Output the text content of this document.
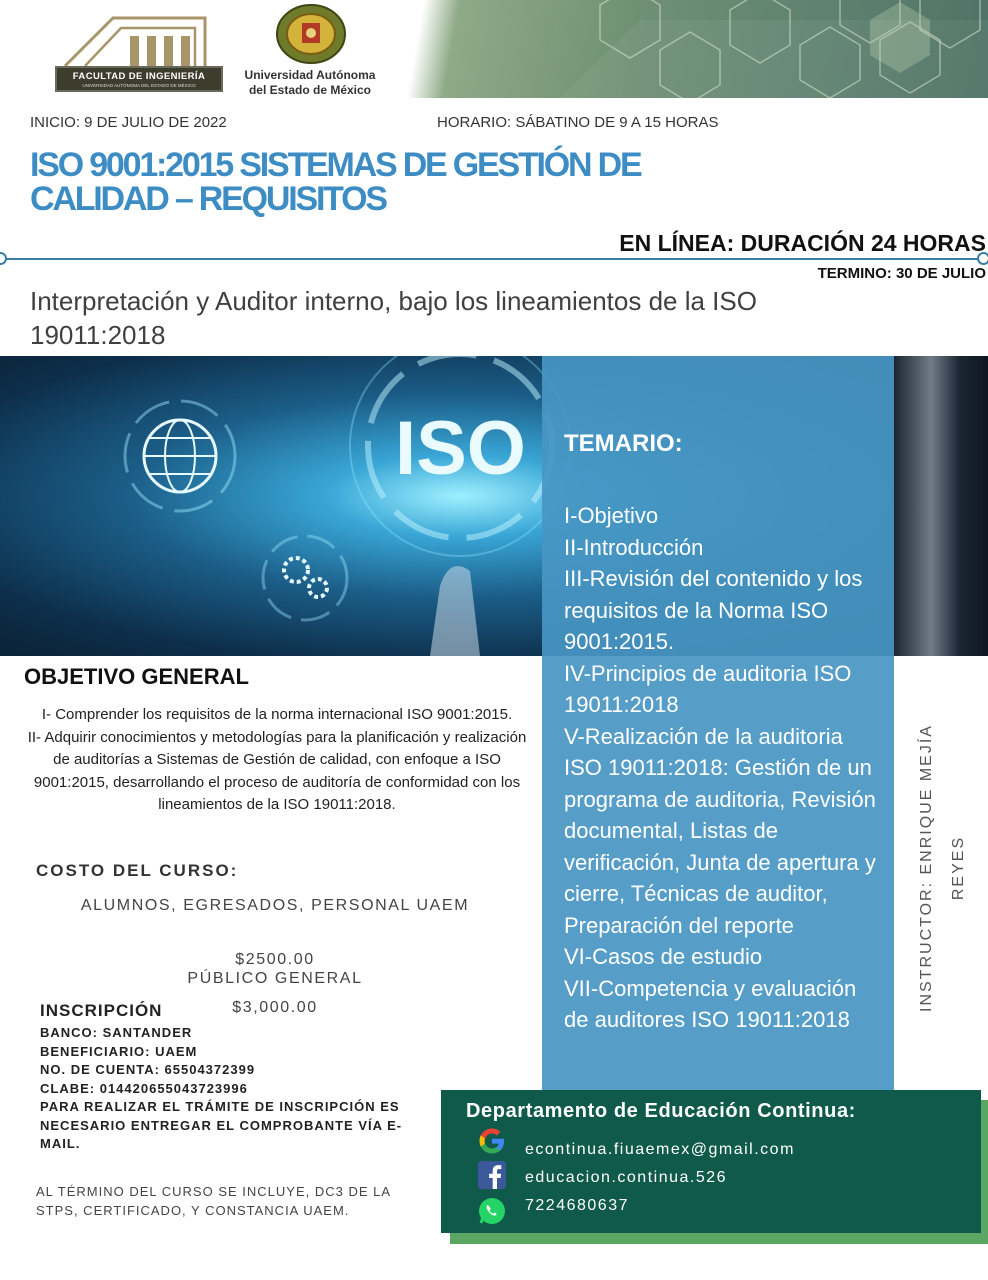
FACULTAD DE INGENIERÍA
UNIVERSIDAD AUTÓNOMA DEL ESTADO DE MÉXICO
Universidad Autónoma
del Estado de México
INICIO: 9 DE JULIO DE 2022	HORARIO: SÁBATINO DE 9 A 15 HORAS
ISO 9001:2015 SISTEMAS DE GESTIÓN DE
CALIDAD – REQUISITOS
EN LÍNEA: DURACIÓN 24 HORAS
TERMINO: 30 DE JULIO
Interpretación y Auditor interno, bajo los lineamientos de la ISO 19011:2018
ISO TEMARIO:
I-Objetivo
II-Introducción
III-Revisión del contenido y los requisitos de la Norma ISO 9001:2015.
IV-Principios de auditoria ISO 19011:2018
V-Realización de la auditoria ISO 19011:2018: Gestión de un programa de auditoria, Revisión documental, Listas de verificación, Junta de apertura y cierre, Técnicas de auditor, Preparación del reporte
VI-Casos de estudio
VII-Competencia y evaluación de auditores ISO 19011:2018
INSTRUCTOR: ENRIQUE MEJÍA REYES
OBJETIVO GENERAL
I- Comprender los requisitos de la norma internacional ISO 9001:2015.
II- Adquirir conocimientos y metodologías para la planificación y realización de auditorías a Sistemas de Gestión de calidad, con enfoque a ISO 9001:2015, desarrollando el proceso de auditoría de conformidad con los lineamientos de la ISO 19011:2018.
COSTO DEL CURSO:
ALUMNOS, EGRESADOS, PERSONAL UAEM
$2500.00
PÚBLICO GENERAL
$3,000.00
INSCRIPCIÓN
BANCO: SANTANDER
BENEFICIARIO: UAEM
NO. DE CUENTA: 65504372399
CLABE: 014420655043723996
PARA REALIZAR EL TRÁMITE DE INSCRIPCIÓN ES NECESARIO ENTREGAR EL COMPROBANTE VÍA E-MAIL.
AL TÉRMINO DEL CURSO SE INCLUYE, DC3 DE LA STPS, CERTIFICADO, Y CONSTANCIA UAEM.
Departamento de Educación Continua:
econtinua.fiuaemex@gmail.com
educacion.continua.526
7224680637
